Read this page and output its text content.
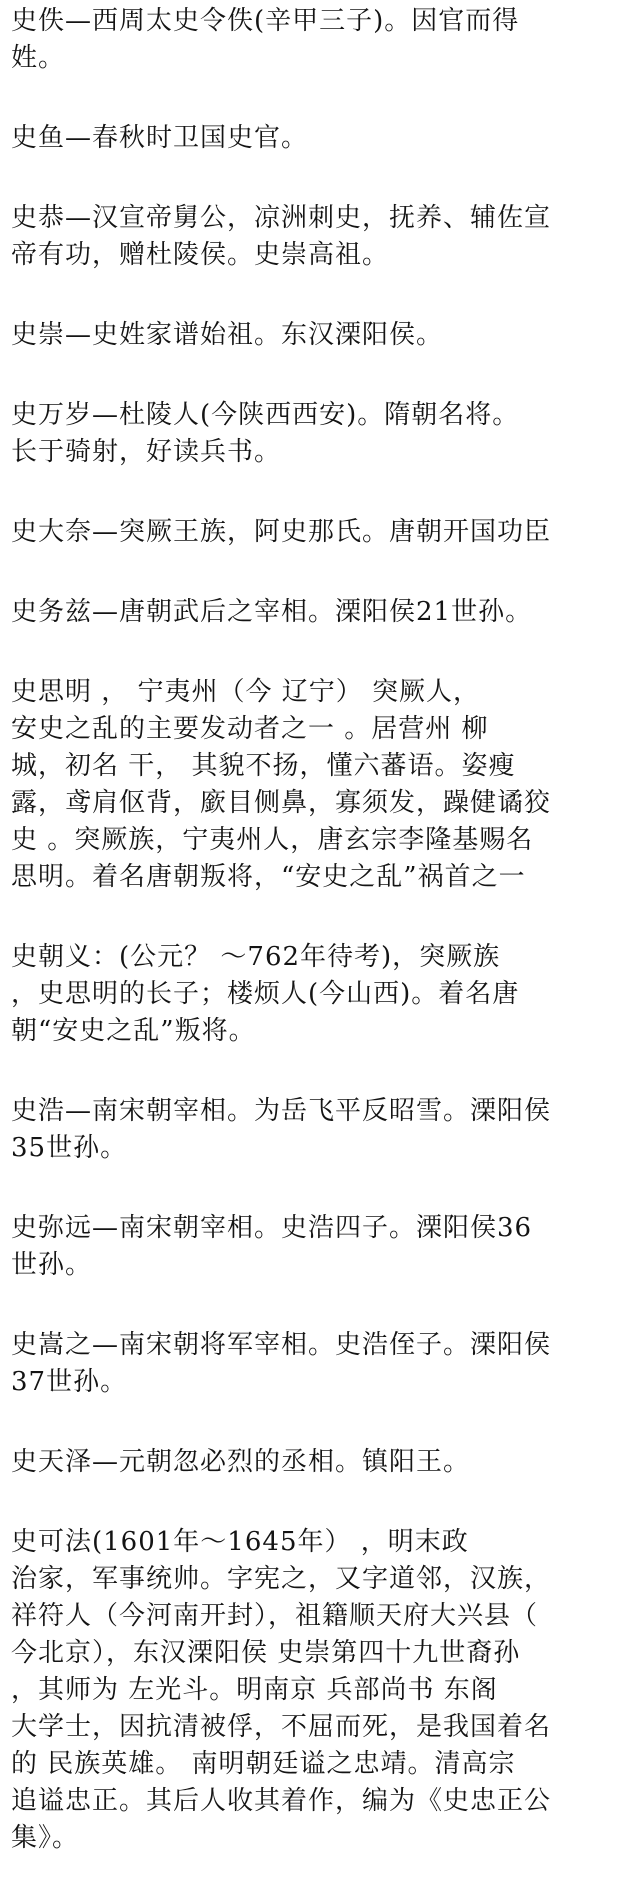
史佚—西周太史令佚(辛甲三子)。因官而得
姓。
史鱼—春秋时卫国史官。
史恭—汉宣帝舅公，凉洲刺史，抚养、辅佐宣
帝有功，赠杜陵侯。史崇高祖。
史崇—史姓家谱始祖。东汉溧阳侯。
史万岁—杜陵人(今陕西西安)。隋朝名将。
长于骑射，好读兵书。
史大奈—突厥王族，阿史那氏。唐朝开国功臣
史务兹—唐朝武后之宰相。溧阳侯21世孙。
史思明 ， 宁夷州（今 辽宁） 突厥人，
安史之乱的主要发动者之一 。居营州 柳
城，初名 干， 其貌不扬，懂六蕃语。姿瘦
露，鸢肩伛背，廞目侧鼻，寡须发，躁健谲狡
史 。突厥族，宁夷州人，唐玄宗李隆基赐名
思明。着名唐朝叛将，“安史之乱”祸首之一
史朝义：(公元？ ～762年待考)，突厥族
，史思明的长子；楼烦人(今山西)。着名唐
朝“安史之乱”叛将。
史浩—南宋朝宰相。为岳飞平反昭雪。溧阳侯
35世孙。
史弥远—南宋朝宰相。史浩四子。溧阳侯36
世孙。
史嵩之—南宋朝将军宰相。史浩侄子。溧阳侯
37世孙。
史天泽—元朝忽必烈的丞相。镇阳王。
史可法(1601年～1645年） ，明末政
治家，军事统帅。字宪之，又字道邻，汉族，
祥符人（今河南开封），祖籍顺天府大兴县（
今北京），东汉溧阳侯 史崇第四十九世裔孙
，其师为 左光斗。明南京 兵部尚书 东阁
大学士，因抗清被俘，不屈而死，是我国着名
的 民族英雄。 南明朝廷谥之忠靖。清高宗
追谥忠正。其后人收其着作，编为《史忠正公
集》。
